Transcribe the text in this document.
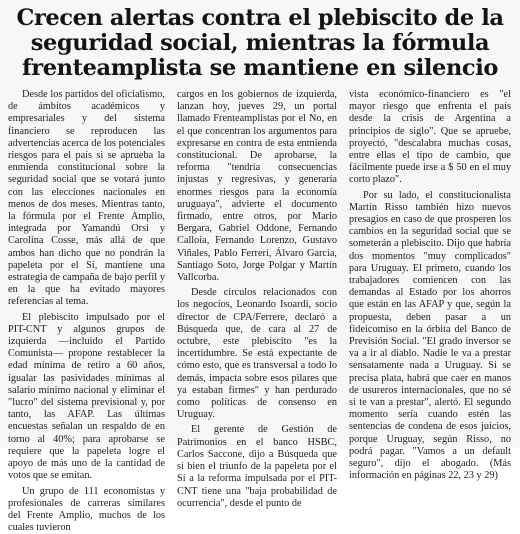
Crecen alertas contra el plebiscito de la
seguridad social, mientras la fórmula
frenteamplista se mantiene en silencio

Desde los partidos del oficialismo, de ámbitos académicos y empresariales y del sistema financiero se reproducen las advertencias acerca de los potenciales riesgos para el país si se aprueba la enmienda constitucional sobre la seguridad social que se votará junto con las elecciones nacionales en menos de dos meses. Mientras tanto, la fórmula por el Frente Amplio, integrada por Yamandú Orsi y Carolina Cosse, más allá de que ambos han dicho que no pondrán la papeleta por el Sí, mantiene una estrategia de campaña de bajo perfil y en la que ha evitado mayores referencias al tema.

El plebiscito impulsado por el PIT-CNT y algunos grupos de izquierda —incluido el Partido Comunista— propone restablecer la edad mínima de retiro a 60 años, igualar las pasividades mínimas al salario mínimo nacional y eliminar el "lucro" del sistema previsional y, por tanto, las AFAP. Las últimas encuestas señalan un respaldo de en torno al 40%; para aprobarse se requiere que la papeleta logre el apoyo de más uno de la cantidad de votos que se emitan.

Un grupo de 111 economistas y profesionales de carreras similares del Frente Amplio, muchos de los cuales tuvieron

cargos en los gobiernos de izquierda, lanzan hoy, jueves 29, un portal llamado Frenteamplistas por el No, en el que concentran los argumentos para expresarse en contra de esta enmienda constitucional. De aprobarse, la reforma "tendría consecuencias injustas y regresivas, y generaría enormes riesgos para la economía uruguaya", advierte el documento firmado, entre otros, por Mario Bergara, Gabriel Oddone, Fernando Calloia, Fernando Lorenzo, Gustavo Viñales, Pablo Ferreri, Álvaro García, Santiago Soto, Jorge Polgar y Martín Vallcorba.

Desde círculos relacionados con los negocios, Leonardo Isoardi, socio director de CPA/Ferrere, declaró a Búsqueda que, de cara al 27 de octubre, este plebiscito "es la incertidumbre. Se está expectante de cómo esto, que es transversal a todo lo demás, impacta sobre esos pilares que ya estaban firmes" y han perdurado como políticas de consenso en Uruguay.

El gerente de Gestión de Patrimonios en el banco HSBC, Carlos Saccone, dijo a Búsqueda que si bien el triunfo de la papeleta por el Sí a la reforma impulsada por el PIT-CNT tiene una "baja probabilidad de ocurrencia", desde el punto de

vista económico-financiero es "el mayor riesgo que enfrenta el país desde la crisis de Argentina a principios de siglo". Que se apruebe, proyectó, "descalabra muchas cosas, entre ellas el tipo de cambio, que fácilmente puede irse a $ 50 en el muy corto plazo".

Por su lado, el constitucionalista Martín Risso también hizo nuevos presagios en caso de que prosperen los cambios en la seguridad social que se someterán a plebiscito. Dijo que habría dos momentos "muy complicados" para Uruguay. El primero, cuando los trabajadores comiencen con las demandas al Estado por los ahorros que están en las AFAP y que, según la propuesta, deben pasar a un fideicomiso en la órbita del Banco de Previsión Social. "El grado inversor se va a ir al diablo. Nadie le va a prestar sensatamente nada a Uruguay. Si se precisa plata, habrá que caer en manos de usureros internacionales, que no sé si te van a prestar", alertó. El segundo momento sería cuando estén las sentencias de condena de esos juicios, porque Uruguay, según Risso, no podrá pagar. "Vamos a un default seguro", dijo el abogado. (Más información en páginas 22, 23 y 29)
